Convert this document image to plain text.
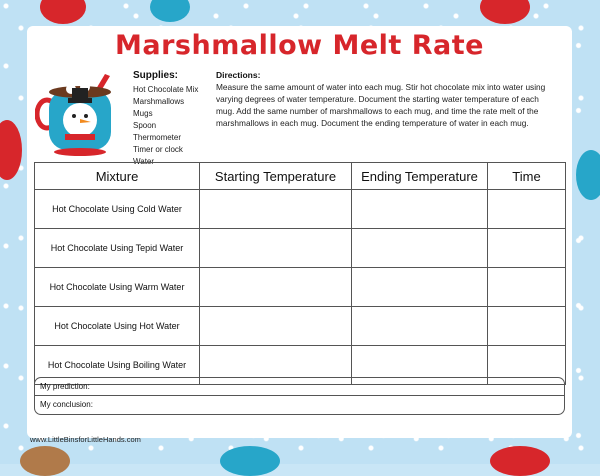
Marshmallow Melt Rate
Supplies:
Hot Chocolate Mix
Marshmallows
Mugs
Spoon
Thermometer
Timer or clock
Water
Directions:
Measure the same amount of water into each mug. Stir hot chocolate mix into water using varying degrees of water temperature. Document the starting water temperature of each mug. Add the same number of marshmallows to each mug, and time the rate melt of the marshmallows in each mug. Document the ending temperature of water in each mug.
Mixture	Starting Temperature	Ending Temperature	Time
Hot Chocolate Using Cold Water			
Hot Chocolate Using Tepid Water			
Hot Chocolate Using Warm Water			
Hot Chocolate Using Hot Water			
Hot Chocolate Using Boiling Water			
My prediction:
My conclusion:
www.LittleBinsforLittleHands.com
